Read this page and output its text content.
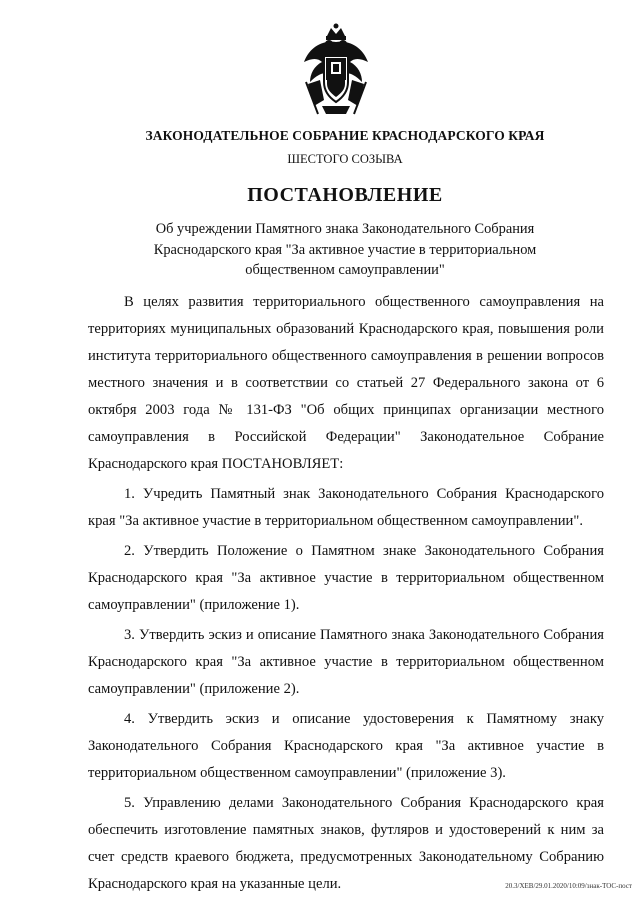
ЗАКОНОДАТЕЛЬНОЕ СОБРАНИЕ КРАСНОДАРСКОГО КРАЯ
ШЕСТОГО СОЗЫВА
ПОСТАНОВЛЕНИЕ
Об учреждении Памятного знака Законодательного Собрания Краснодарского края "За активное участие в территориальном общественном самоуправлении"

В целях развития территориального общественного самоуправления на территориях муниципальных образований Краснодарского края, повышения роли института территориального общественного самоуправления в решении вопросов местного значения и в соответствии со статьей 27 Федерального закона от 6 октября 2003 года № 131-ФЗ "Об общих принципах организации местного самоуправления в Российской Федерации" Законодательное Собрание Краснодарского края ПОСТАНОВЛЯЕТ:

1. Учредить Памятный знак Законодательного Собрания Краснодарского края "За активное участие в территориальном общественном самоуправлении".

2. Утвердить Положение о Памятном знаке Законодательного Собрания Краснодарского края "За активное участие в территориальном общественном самоуправлении" (приложение 1).

3. Утвердить эскиз и описание Памятного знака Законодательного Собрания Краснодарского края "За активное участие в территориальном общественном самоуправлении" (приложение 2).

4. Утвердить эскиз и описание удостоверения к Памятному знаку Законодательного Собрания Краснодарского края "За активное участие в территориальном общественном самоуправлении" (приложение 3).

5. Управлению делами Законодательного Собрания Краснодарского края обеспечить изготовление памятных знаков, футляров и удостоверений к ним за счет средств краевого бюджета, предусмотренных Законодательному Собранию Краснодарского края на указанные цели.	20.3/ХЕВ/29.01.2020/10:09/знак-ТОС-пост
